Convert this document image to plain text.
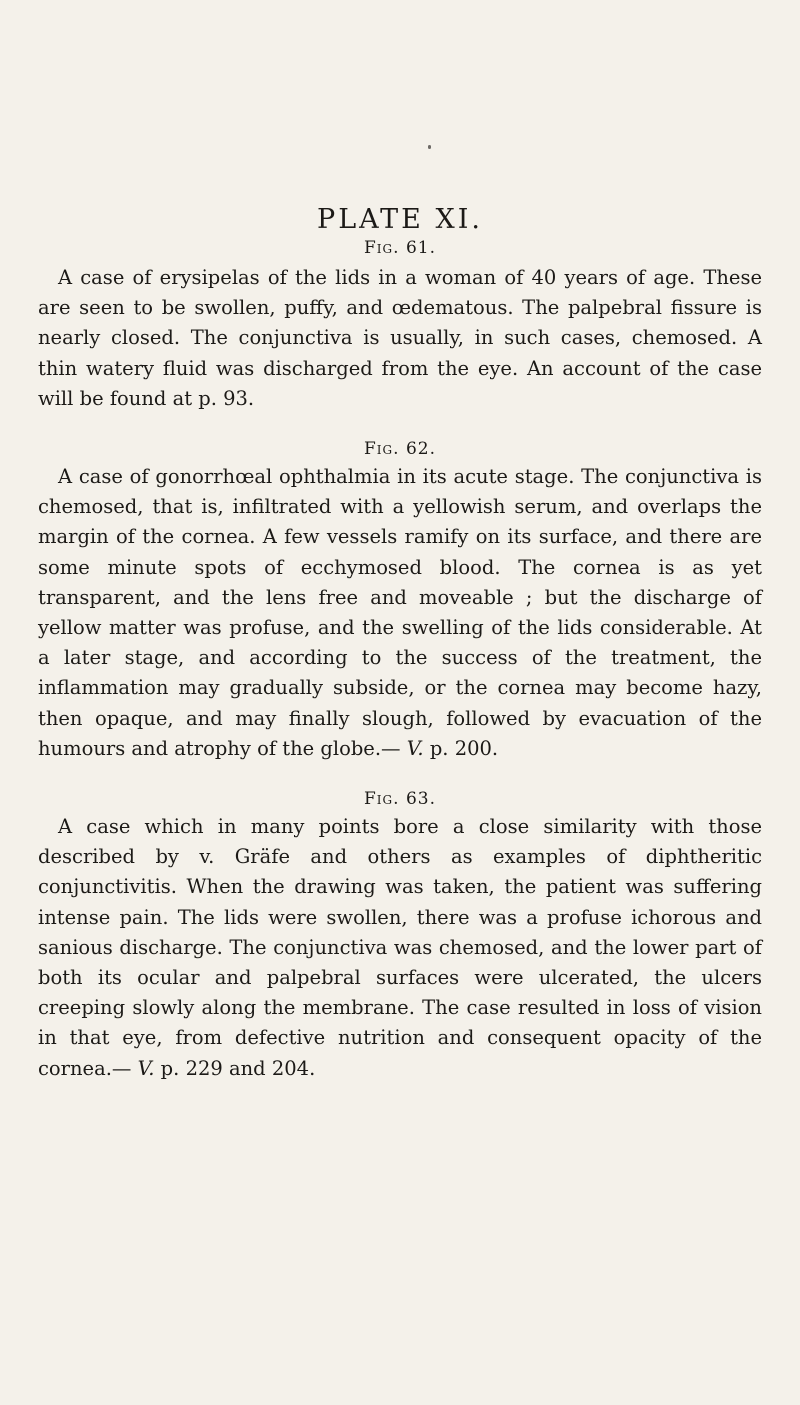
PLATE XI.

Fig. 61.

A case of erysipelas of the lids in a woman of 40 years of age. These are seen to be swollen, puffy, and œdematous. The palpebral fissure is nearly closed. The conjunctiva is usually, in such cases, chemosed. A thin watery fluid was discharged from the eye. An account of the case will be found at p. 93.

Fig. 62.

A case of gonorrhœal ophthalmia in its acute stage. The conjunctiva is chemosed, that is, infiltrated with a yellowish serum, and overlaps the margin of the cornea. A few vessels ramify on its surface, and there are some minute spots of ecchymosed blood. The cornea is as yet transparent, and the lens free and moveable ; but the discharge of yellow matter was profuse, and the swelling of the lids considerable. At a later stage, and according to the success of the treatment, the inflammation may gradually subside, or the cornea may become hazy, then opaque, and may finally slough, followed by evacuation of the humours and atrophy of the globe.— V. p. 200.

Fig. 63.

A case which in many points bore a close similarity with those described by v. Gräfe and others as examples of diphtheritic conjunctivitis. When the drawing was taken, the patient was suffering intense pain. The lids were swollen, there was a profuse ichorous and sanious discharge. The conjunctiva was chemosed, and the lower part of both its ocular and palpebral surfaces were ulcerated, the ulcers creeping slowly along the membrane. The case resulted in loss of vision in that eye, from defective nutrition and consequent opacity of the cornea.— V. p. 229 and 204.
